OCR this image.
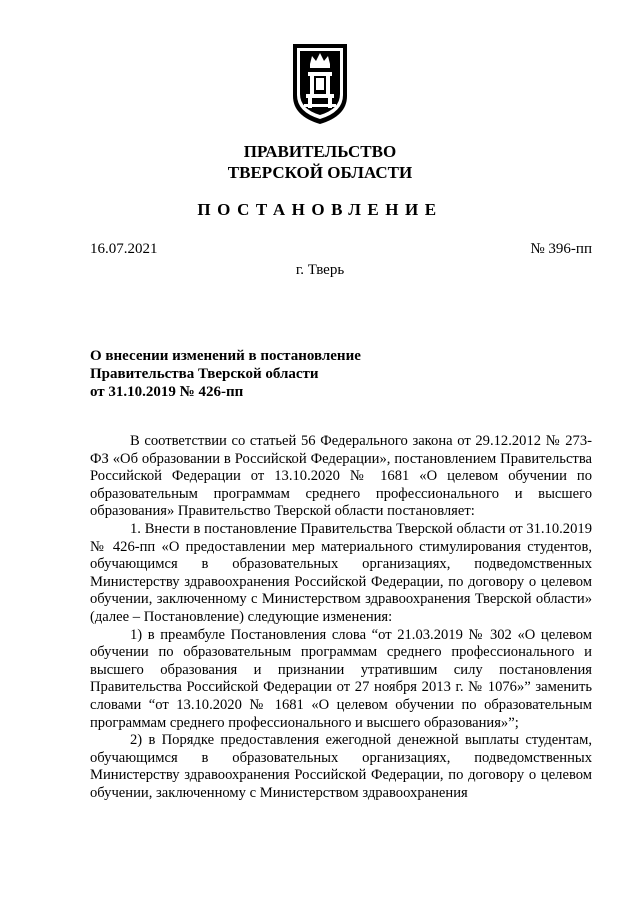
ПРАВИТЕЛЬСТВО
ТВЕРСКОЙ ОБЛАСТИ
ПОСТАНОВЛЕНИЕ
16.07.2021	№ 396-пп
г. Тверь
О внесении изменений в постановление
Правительства Тверской области
от 31.10.2019 № 426-пп

В соответствии со статьей 56 Федерального закона от 29.12.2012 № 273-ФЗ «Об образовании в Российской Федерации», постановлением Правительства Российской Федерации от 13.10.2020 № 1681 «О целевом обучении по образовательным программам среднего профессионального и высшего образования» Правительство Тверской области постановляет:

1. Внести в постановление Правительства Тверской области от 31.10.2019 № 426-пп «О предоставлении мер материального стимулирования студентов, обучающимся в образовательных организациях, подведомственных Министерству здравоохранения Российской Федерации, по договору о целевом обучении, заключенному с Министерством здравоохранения Тверской области» (далее – Постановление) следующие изменения:

1) в преамбуле Постановления слова “от 21.03.2019 № 302 «О целевом обучении по образовательным программам среднего профессионального и высшего образования и признании утратившим силу постановления Правительства Российской Федерации от 27 ноября 2013 г. № 1076»” заменить словами “от 13.10.2020 № 1681 «О целевом обучении по образовательным программам среднего профессионального и высшего образования»”;

2) в Порядке предоставления ежегодной денежной выплаты студентам, обучающимся в образовательных организациях, подведомственных Министерству здравоохранения Российской Федерации, по договору о целевом обучении, заключенному с Министерством здравоохранения
